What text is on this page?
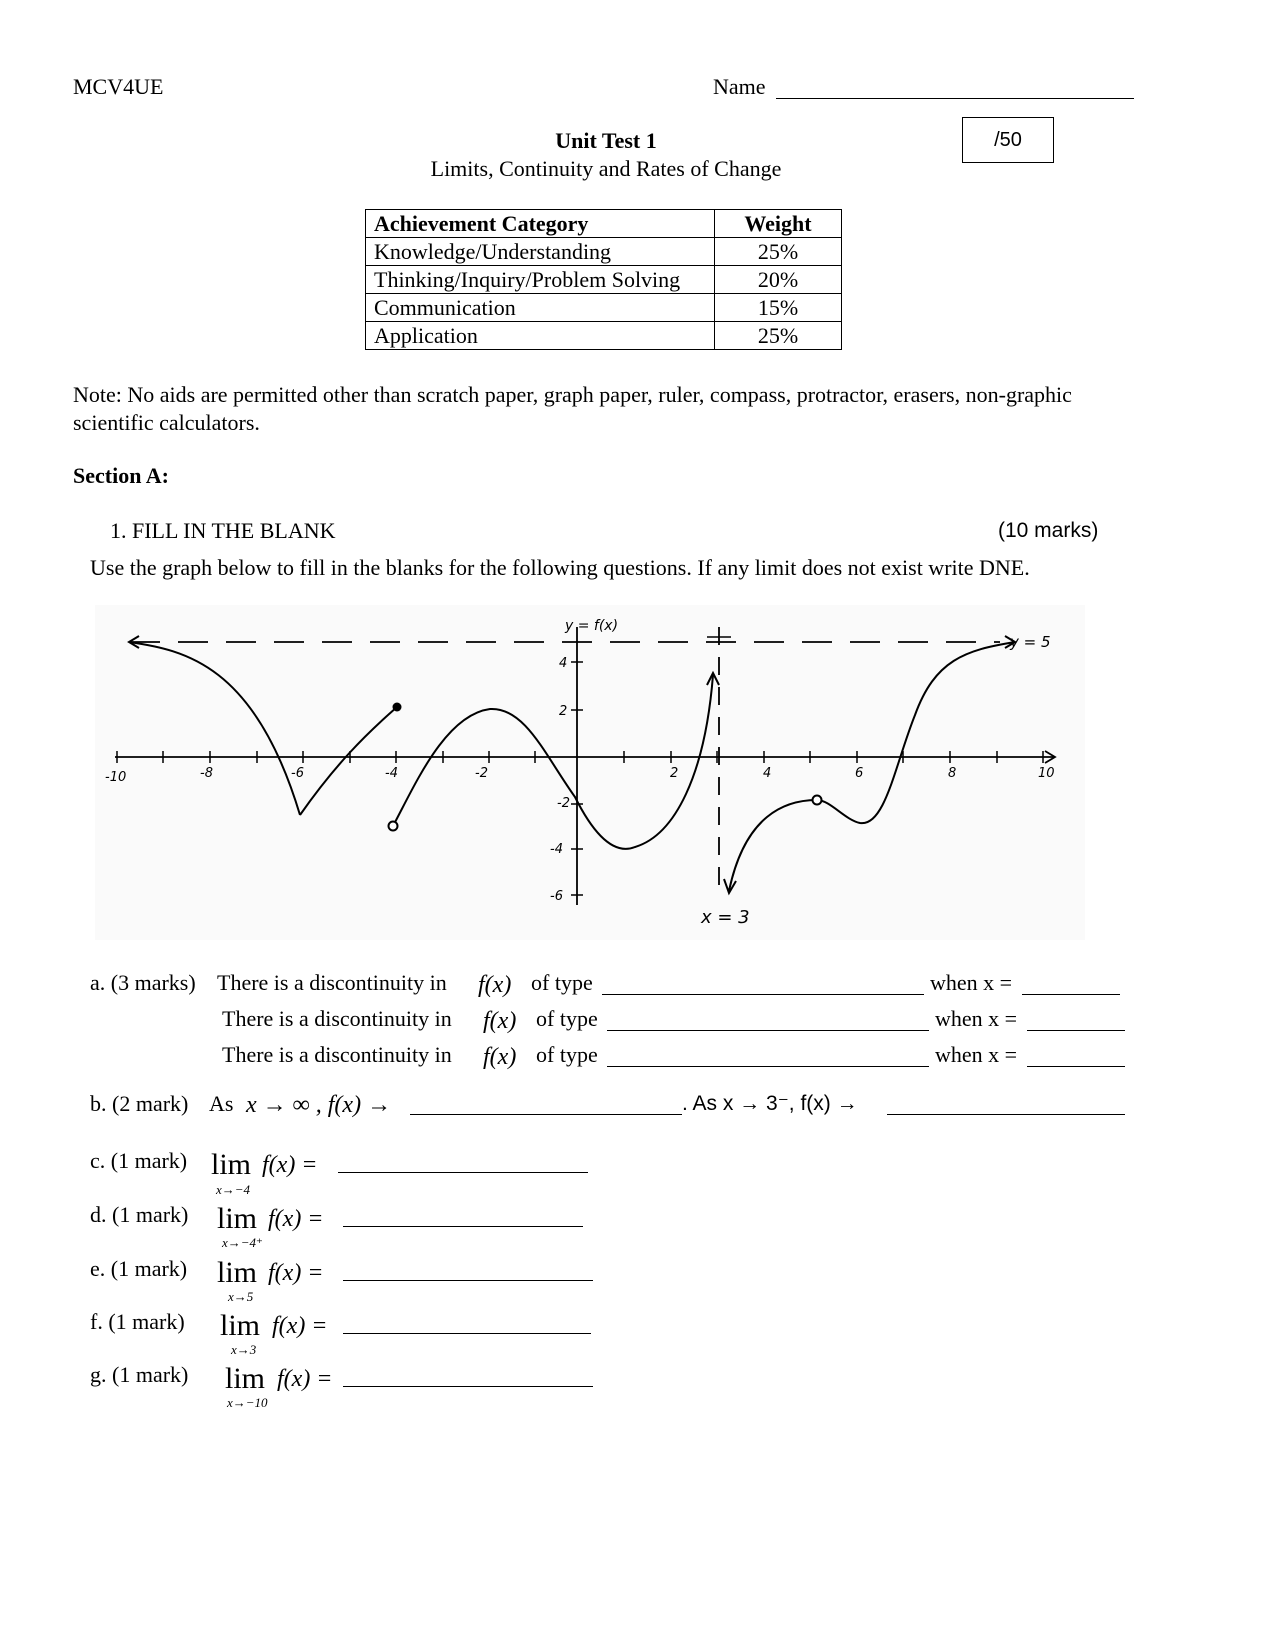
MCV4UE	Name
Unit Test 1
Limits, Continuity and Rates of Change
/50
Achievement Category	Weight
Knowledge/Understanding	25%
Thinking/Inquiry/Problem Solving	20%
Communication	15%
Application	25%
Note: No aids are permitted other than scratch paper, graph paper, ruler, compass, protractor, erasers, non-graphic scientific calculators.
Section A:
1. FILL IN THE BLANK	(10 marks)
Use the graph below to fill in the blanks for the following questions. If any limit does not exist write DNE.
-10	-8	-6	-4	-2	2	4	6	8	10
4
2
-2
-4
-6
y = f(x)
y = 5
x = 3
a. (3 marks) There is a discontinuity in f(x) of type	when x =
There is a discontinuity in f(x) of type	when x =
There is a discontinuity in f(x) of type	when x =
b. (2 mark) As x → ∞ , f(x) →	. As x → 3⁻, f(x) →
c. (1 mark) lim f(x) =
x→−4
d. (1 mark) lim f(x) =
x→−4⁺
e. (1 mark) lim f(x) =
x→5
f. (1 mark) lim f(x) =
x→3
g. (1 mark) lim f(x) =
x→−10
